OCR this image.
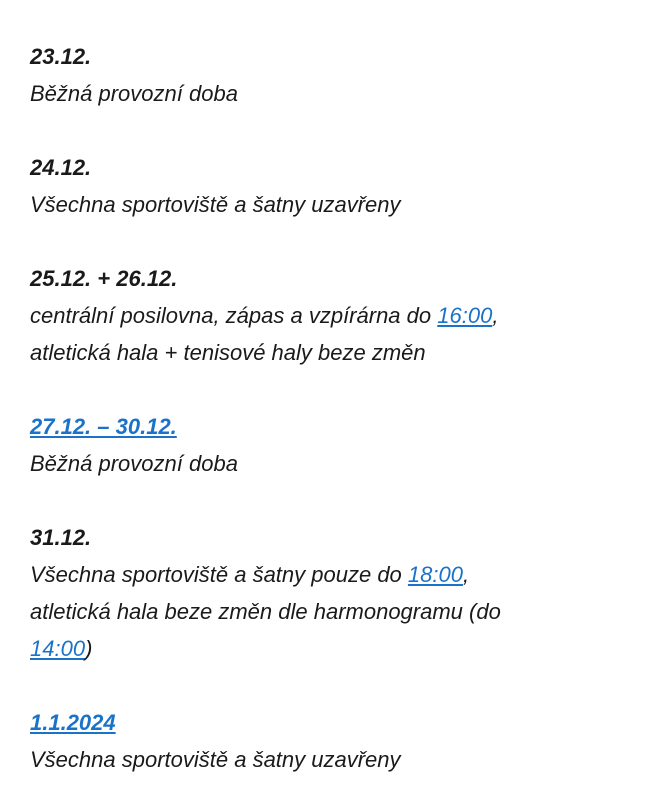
23.12.
Běžná provozní doba
24.12.
Všechna sportoviště a šatny uzavřeny
25.12. + 26.12.
centrální posilovna, zápas a vzpírárna do 16:00,
atletická hala + tenisové haly beze změn
27.12. – 30.12.
Běžná provozní doba
31.12.
Všechna sportoviště a šatny pouze do 18:00,
atletická hala beze změn dle harmonogramu (do
14:00)
1.1.2024
Všechna sportoviště a šatny uzavřeny
